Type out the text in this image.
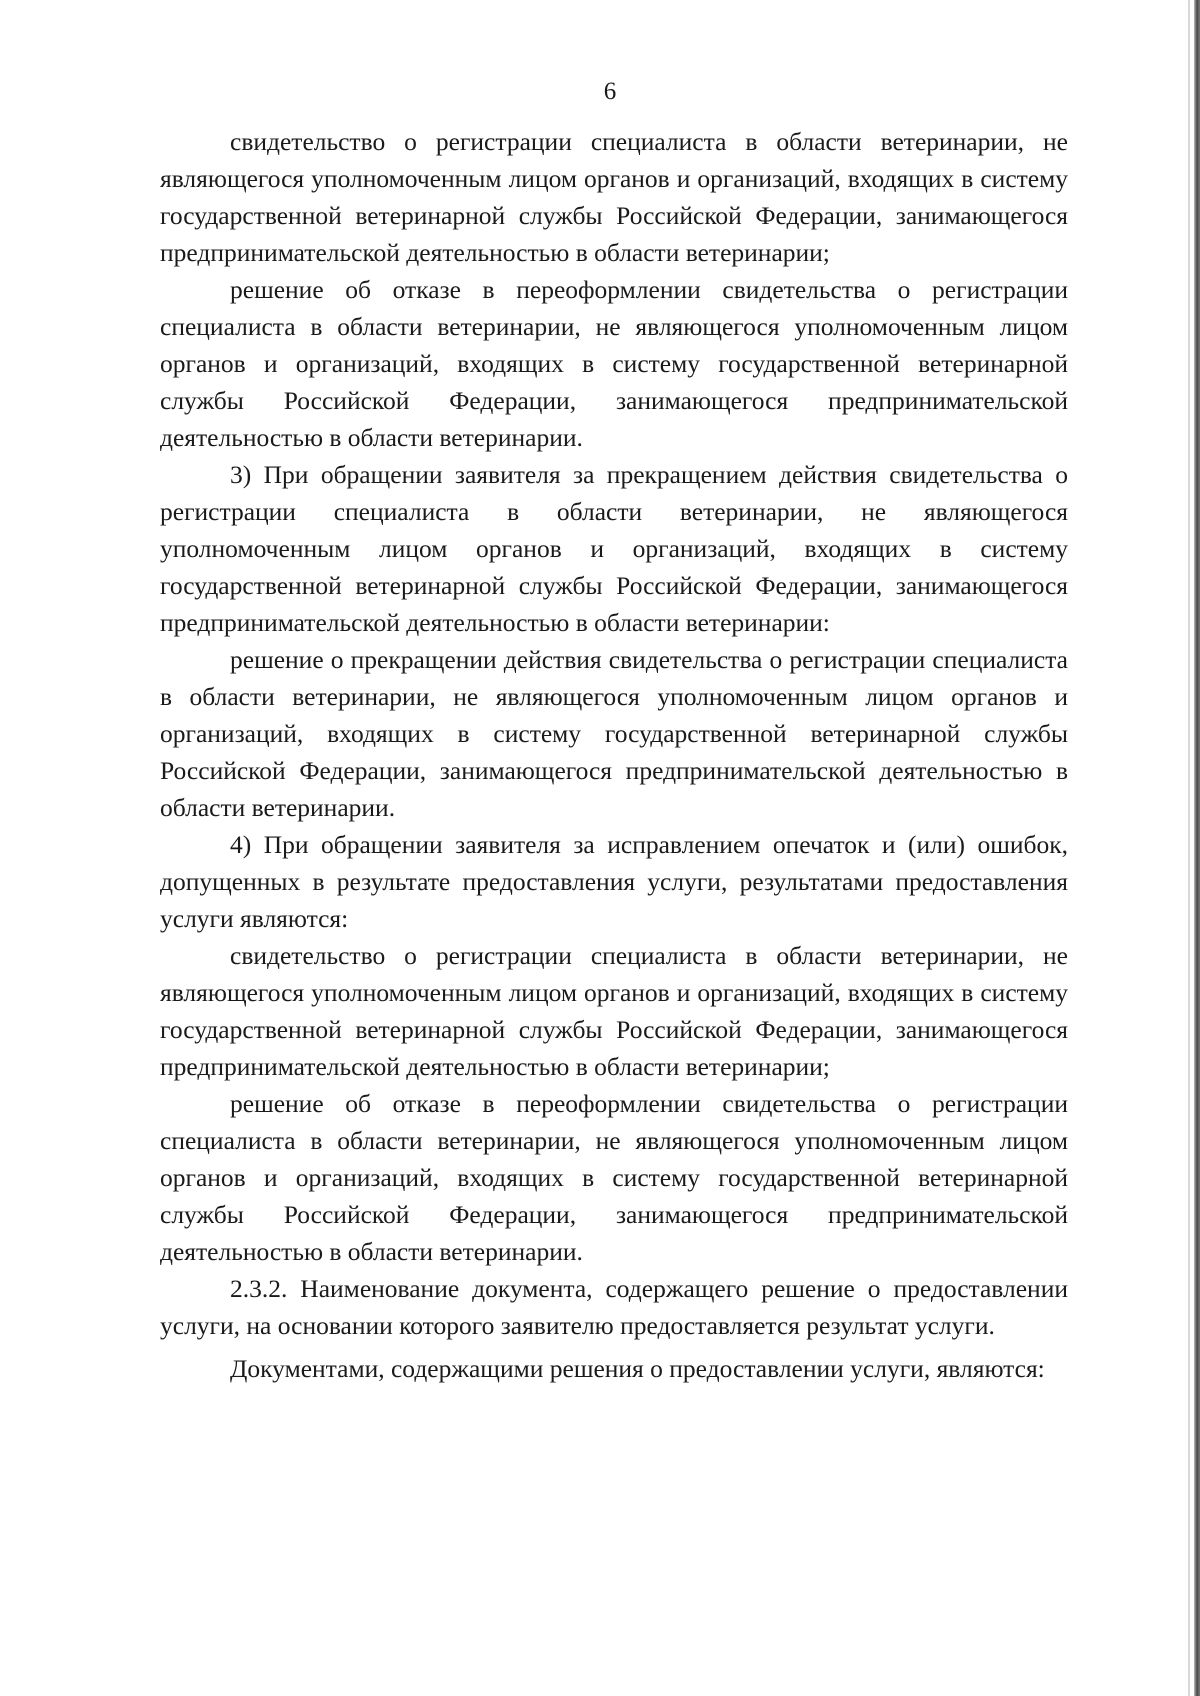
6

свидетельство о регистрации специалиста в области ветеринарии, не являющегося уполномоченным лицом органов и организаций, входящих в систему государственной ветеринарной службы Российской Федерации, занимающегося предпринимательской деятельностью в области ветеринарии;

решение об отказе в переоформлении свидетельства о регистрации специалиста в области ветеринарии, не являющегося уполномоченным лицом органов и организаций, входящих в систему государственной ветеринарной службы Российской Федерации, занимающегося предпринимательской деятельностью в области ветеринарии.

3) При обращении заявителя за прекращением действия свидетельства о регистрации специалиста в области ветеринарии, не являющегося уполномоченным лицом органов и организаций, входящих в систему государственной ветеринарной службы Российской Федерации, занимающегося предпринимательской деятельностью в области ветеринарии:

решение о прекращении действия свидетельства о регистрации специалиста в области ветеринарии, не являющегося уполномоченным лицом органов и организаций, входящих в систему государственной ветеринарной службы Российской Федерации, занимающегося предпринимательской деятельностью в области ветеринарии.

4) При обращении заявителя за исправлением опечаток и (или) ошибок, допущенных в результате предоставления услуги, результатами предоставления услуги являются:

свидетельство о регистрации специалиста в области ветеринарии, не являющегося уполномоченным лицом органов и организаций, входящих в систему государственной ветеринарной службы Российской Федерации, занимающегося предпринимательской деятельностью в области ветеринарии;

решение об отказе в переоформлении свидетельства о регистрации специалиста в области ветеринарии, не являющегося уполномоченным лицом органов и организаций, входящих в систему государственной ветеринарной службы Российской Федерации, занимающегося предпринимательской деятельностью в области ветеринарии.

2.3.2. Наименование документа, содержащего решение о предоставлении услуги, на основании которого заявителю предоставляется результат услуги.

Документами, содержащими решения о предоставлении услуги, являются:
